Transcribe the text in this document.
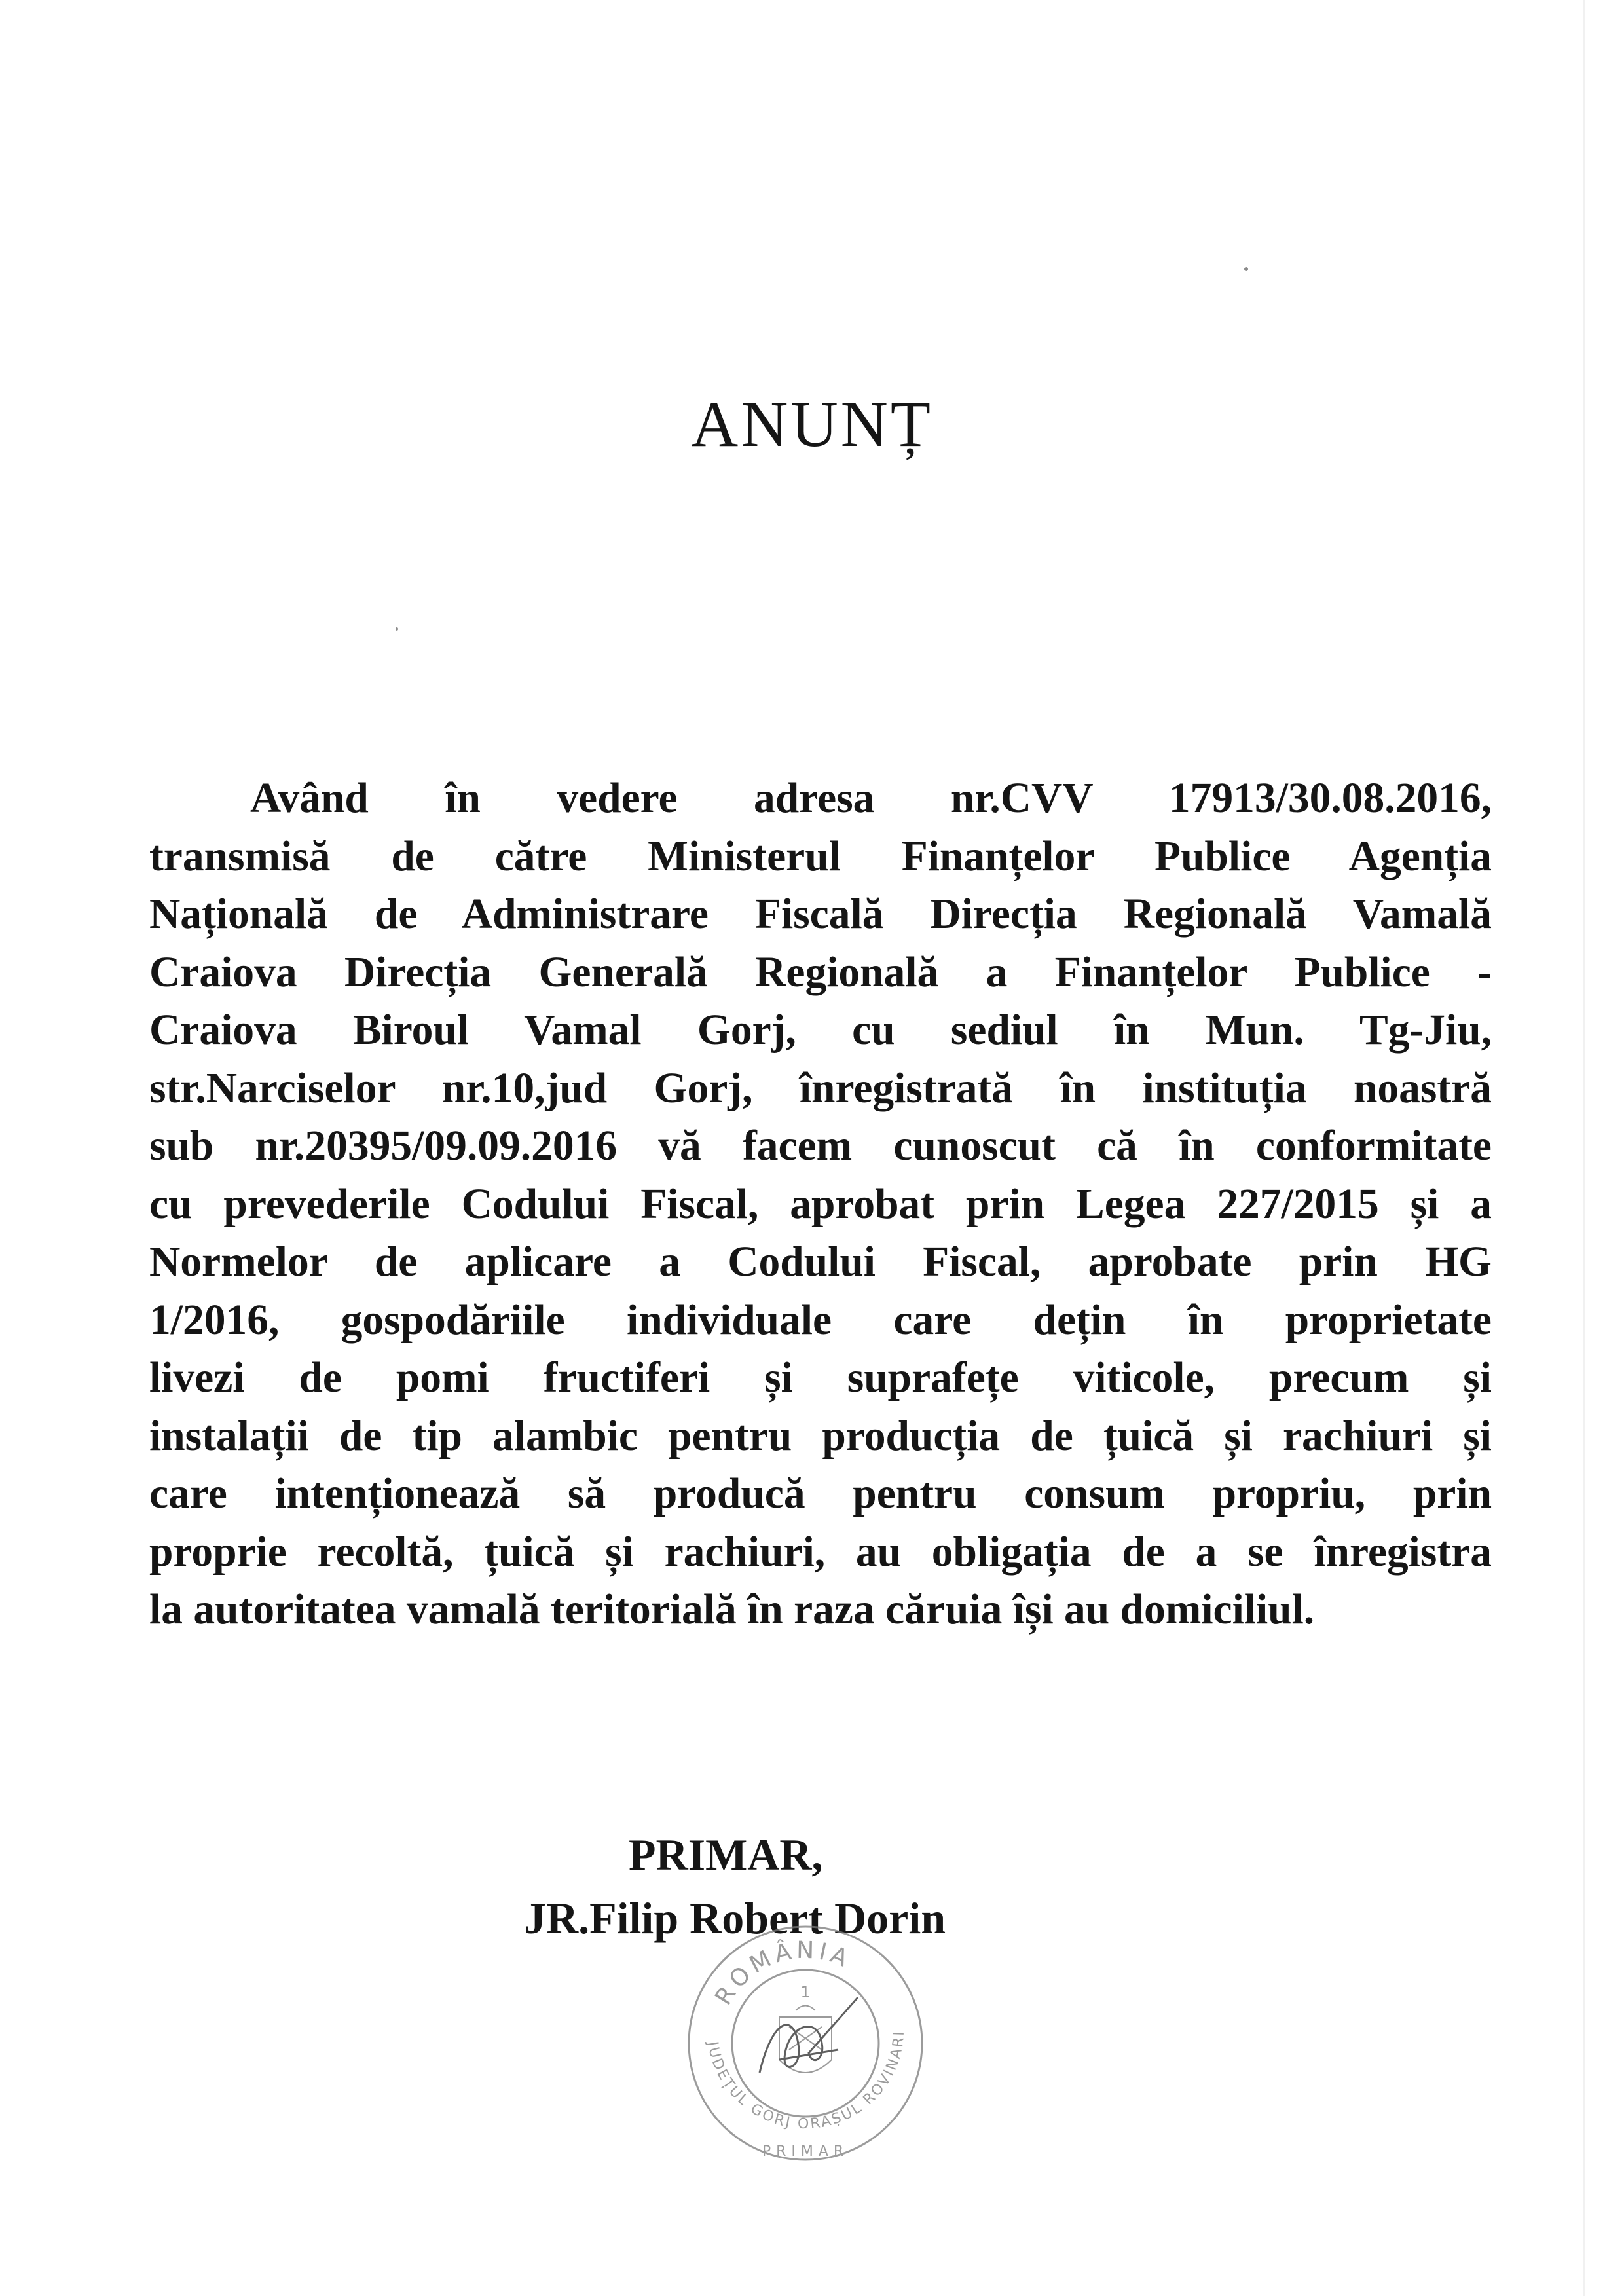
ANUNȚ
Având în vedere adresa nr.CVV 17913/30.08.2016,
transmisă de către Ministerul Finanțelor Publice Agenția
Națională de Administrare Fiscală Direcția Regională Vamală
Craiova Direcția Generală Regională a Finanțelor Publice -
Craiova Biroul Vamal Gorj, cu sediul în Mun. Tg-Jiu,
str.Narciselor nr.10,jud Gorj, înregistrată în instituția noastră
sub nr.20395/09.09.2016 vă facem cunoscut că în conformitate
cu prevederile Codului Fiscal, aprobat prin Legea 227/2015 și a
Normelor de aplicare a Codului Fiscal, aprobate prin HG
1/2016, gospodăriile individuale care dețin în proprietate
livezi de pomi fructiferi și suprafețe viticole, precum și
instalații de tip alambic pentru producția de țuică și rachiuri și
care intenționează să producă pentru consum propriu, prin
proprie recoltă, țuică și rachiuri, au obligația de a se înregistra
la autoritatea vamală teritorială în raza căruia își au domiciliul.
PRIMAR,
JR.Filip Robert Dorin
ROMÂNIA
JUDEȚUL GORJ ORAȘUL ROVINARI
PRIMAR
1
